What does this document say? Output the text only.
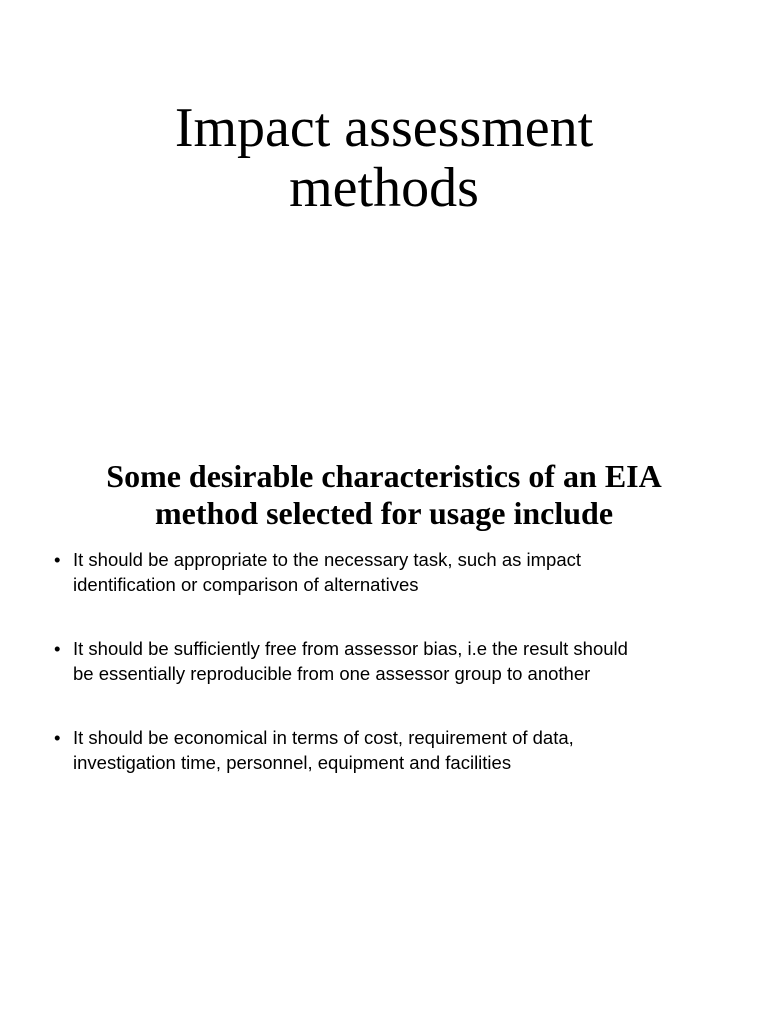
Impact assessment
methods
Some desirable characteristics of an EIA
method selected for usage include
• It should be appropriate to the necessary task, such as impact
identification or comparison of alternatives
• It should be sufficiently free from assessor bias, i.e the result should
be essentially reproducible from one assessor group to another
• It should be economical in terms of cost, requirement of data,
investigation time, personnel, equipment and facilities
